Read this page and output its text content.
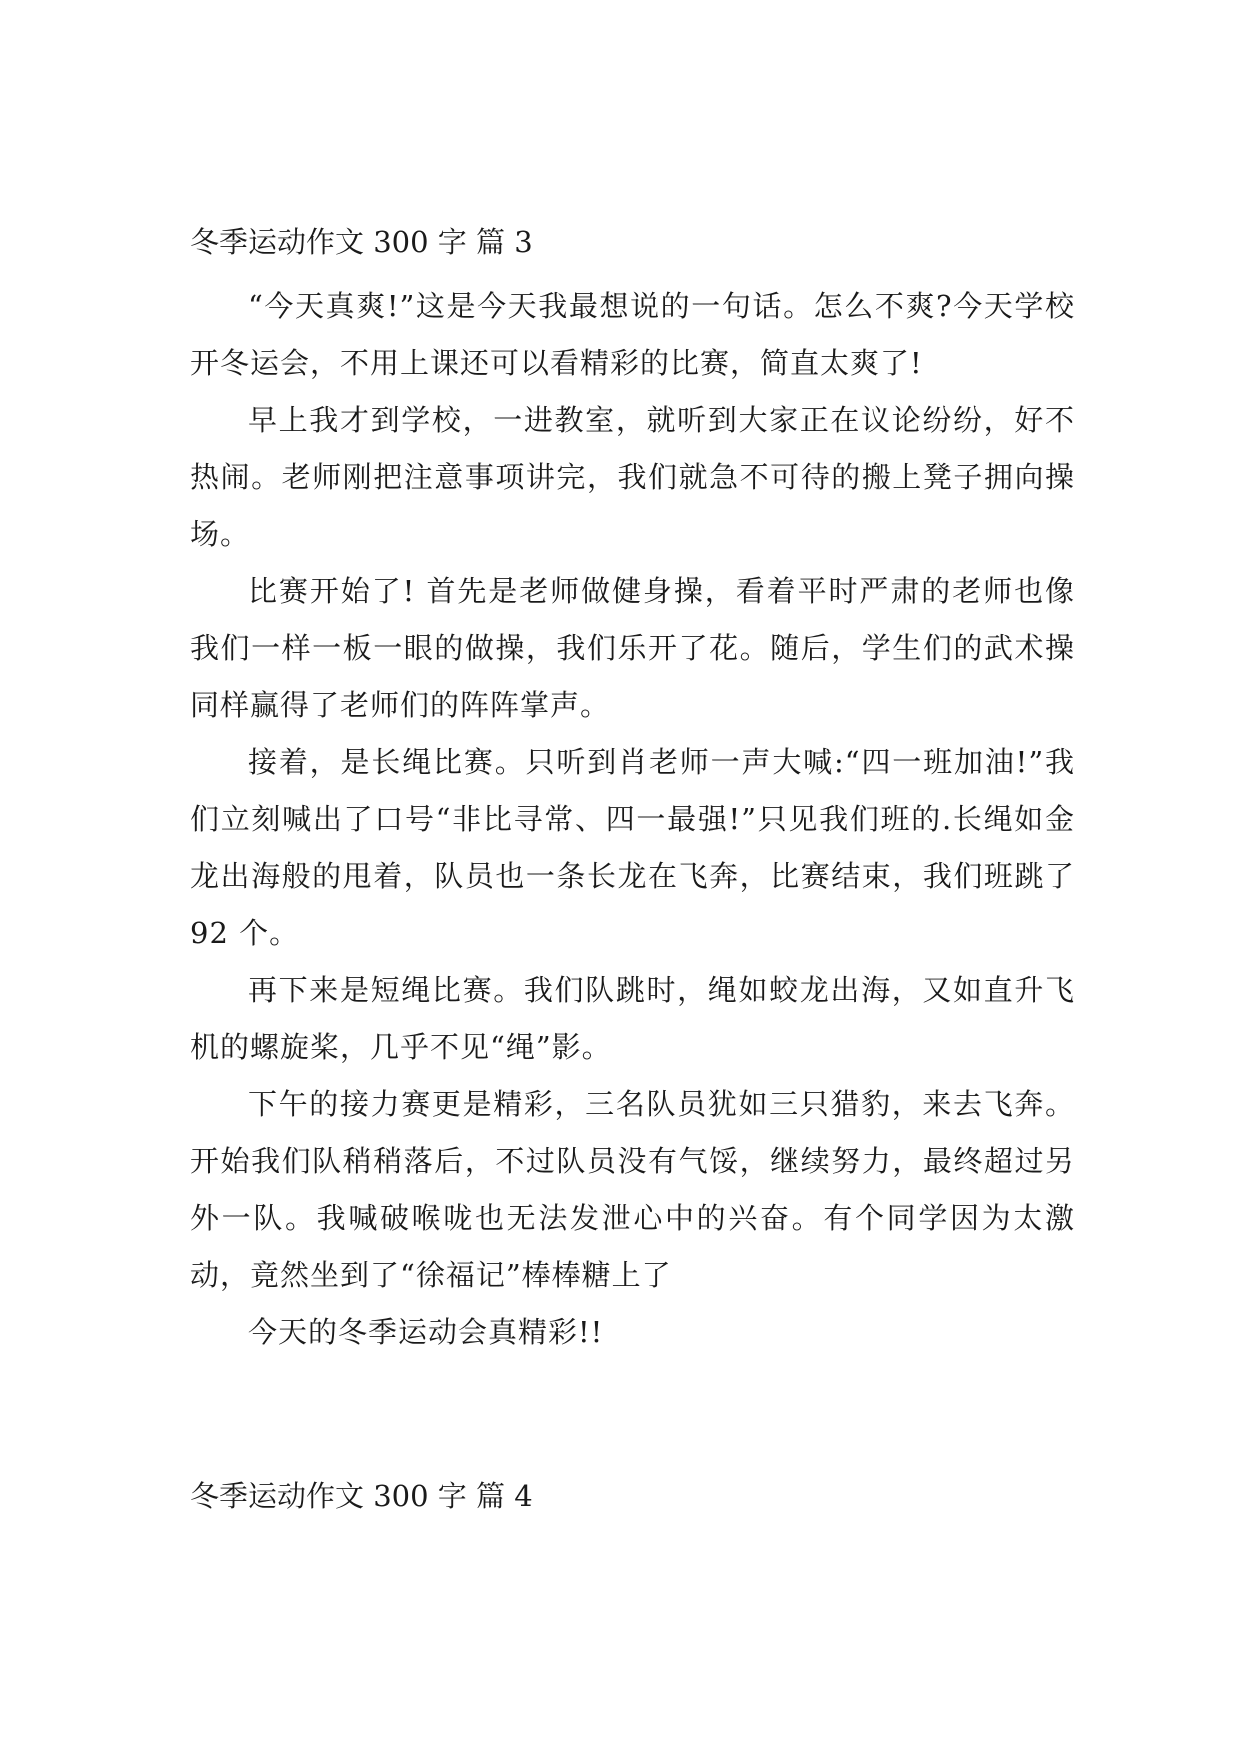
冬季运动作文 300 字 篇 3

“今天真爽!”这是今天我最想说的一句话。怎么不爽?今天学校开冬运会，不用上课还可以看精彩的比赛，简直太爽了!

早上我才到学校，一进教室，就听到大家正在议论纷纷，好不热闹。老师刚把注意事项讲完，我们就急不可待的搬上凳子拥向操场。

比赛开始了! 首先是老师做健身操，看着平时严肃的老师也像我们一样一板一眼的做操，我们乐开了花。随后，学生们的武术操同样赢得了老师们的阵阵掌声。

接着，是长绳比赛。只听到肖老师一声大喊:“四一班加油!”我们立刻喊出了口号“非比寻常、四一最强!”只见我们班的.长绳如金龙出海般的甩着，队员也一条长龙在飞奔，比赛结束，我们班跳了 92 个。

再下来是短绳比赛。我们队跳时，绳如蛟龙出海，又如直升飞机的螺旋桨，几乎不见“绳”影。

下午的接力赛更是精彩，三名队员犹如三只猎豹，来去飞奔。开始我们队稍稍落后，不过队员没有气馁，继续努力，最终超过另外一队。我喊破喉咙也无法发泄心中的兴奋。有个同学因为太激动，竟然坐到了“徐福记”棒棒糖上了

今天的冬季运动会真精彩!!

冬季运动作文 300 字 篇 4
